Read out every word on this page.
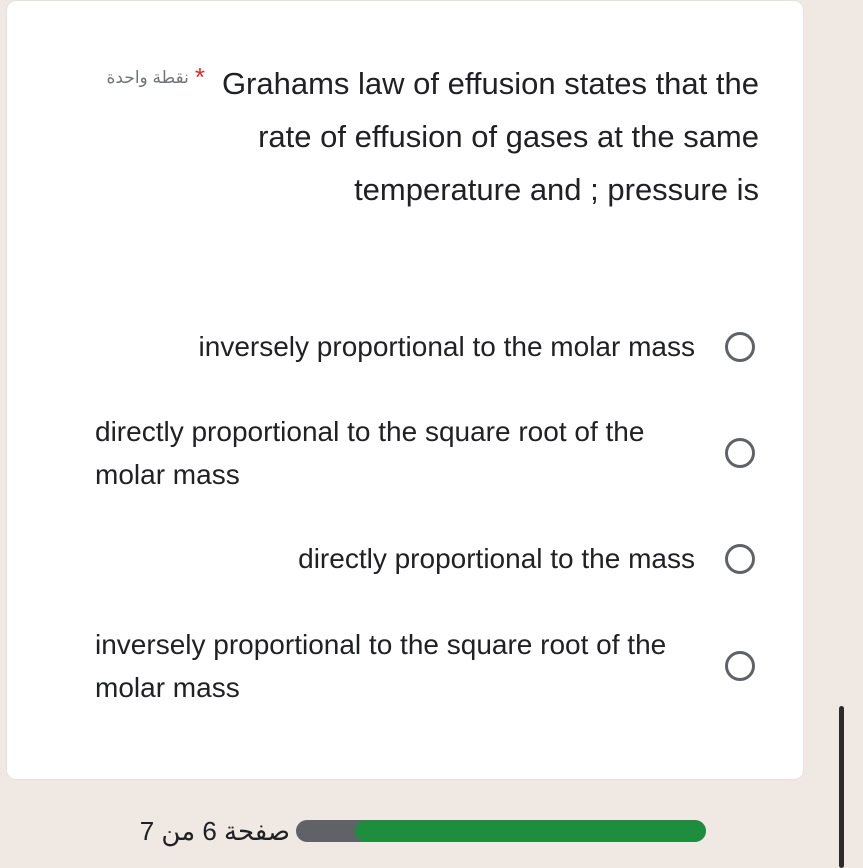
*
نقطة واحدة	Grahams law of effusion states that the rate of effusion of gases at the same temperature and ; pressure is
inversely proportional to the molar mass
directly proportional to the square root of the molar mass
directly proportional to the mass
inversely proportional to the square root of the molar mass
صفحة 6 من 7
